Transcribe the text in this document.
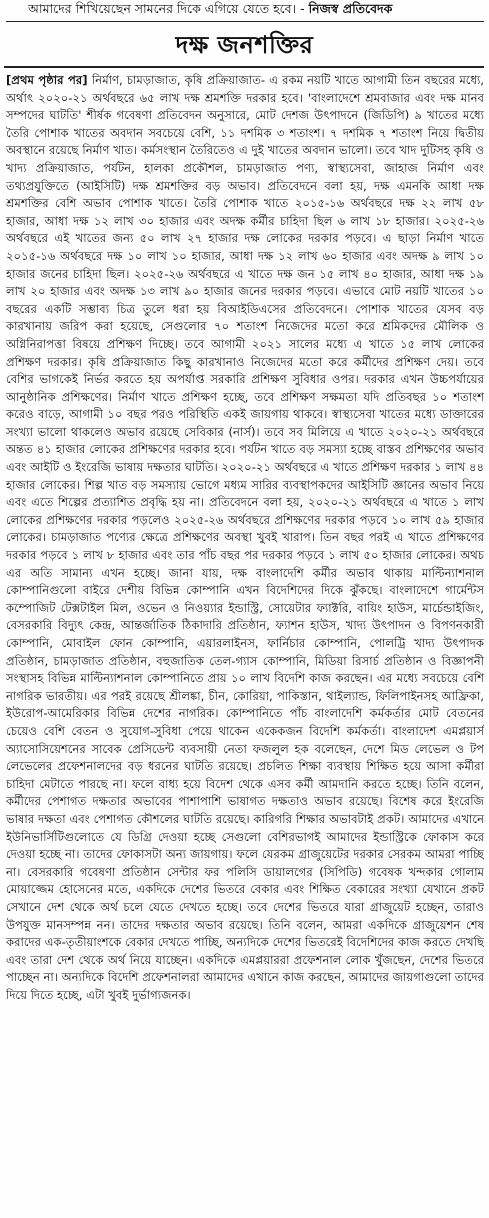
আমাদের শিখিয়েছেন সামনের দিকে এগিয়ে যেতে হবে। - নিজস্ব প্রতিবেদক
দক্ষ জনশক্তির

[প্রথম পৃষ্ঠার পর] নির্মাণ, চামড়াজাত, কৃষি প্রক্রিয়াজাত- এ রকম নয়টি খাতে আগামী তিন বছরের মধ্যে, অর্থাৎ ২০২০-২১ অর্থবছরে ৬৫ লাখ দক্ষ শ্রমশক্তি দরকার হবে। 'বাংলাদেশে শ্রমবাজার এবং দক্ষ মানব সম্পদের ঘাটতি' শীর্ষক গবেষণা প্রতিবেদন অনুসারে, মোট দেশজ উৎপাদনে (জিডিপি) ৯ খাতের মধ্যে তৈরি পোশাক খাতের অবদান সবচেয়ে বেশি, ১১ দশমিক ৩ শতাংশ। ৭ দশমিক ৭ শতাংশ নিয়ে দ্বিতীয় অবস্থানে রয়েছে নির্মাণ খাত। কর্মসংস্থান তৈরিতেও এ দুই খাতের অবদান ভালো। তবে খাদ দুটিসহ কৃষি ও খাদ্য প্রক্রিয়াজাত, পর্যটন, হালকা প্রকৌশল, চামড়াজাত পণ্য, স্বাস্থ্যসেবা, জাহাজ নির্মাণ এবং তথ্যপ্রযুক্তিতে (আইসিটি) দক্ষ শ্রমশক্তির বড় অভাব। প্রতিবেদনে বলা হয়, দক্ষ এমনকি আধা দক্ষ শ্রমশক্তির বেশি অভাব পোশাক খাতে। তৈরি পোশাক খাতে ২০১৫-১৬ অর্থবছরে দক্ষ ২২ লাখ ৫৮ হাজার, আধা দক্ষ ১২ লাখ ৩০ হাজার এবং অদক্ষ কর্মীর চাহিদা ছিল ৬ লাখ ১৮ হাজার। ২০২৫-২৬ অর্থবছরে এই খাতের জন্য ৫০ লাখ ২৭ হাজার দক্ষ লোকের দরকার পড়বে। এ ছাড়া নির্মাণ খাতে ২০১৫-১৬ অর্থবছরে দক্ষ ১০ লাখ ১০ হাজার, আধা দক্ষ ১২ লাখ ৬০ হাজার এবং অদক্ষ ৯ লাখ ১০ হাজার জনের চাহিদা ছিল। ২০২৫-২৬ অর্থবছরে এ খাতে দক্ষ জন ১৫ লাখ ৪০ হাজার, আধা দক্ষ ১৯ লাখ ২০ হাজার এবং অদক্ষ ১৩ লাখ ৯০ হাজার জনের দরকার পড়বে। এভাবে মোট নয়টি খাতের ১০ বছরের একটি সম্ভাব্য চিত্র তুলে ধরা হয় বিআইডিএসের প্রতিবেদনে। পোশাক খাতের যেসব বড় কারখানায় জরিপ করা হয়েছে, সেগুলোর ৭০ শতাংশ নিজেদের মতো করে শ্রমিকদের মৌলিক ও অগ্নিনিরাপত্তা বিষয়ে প্রশিক্ষণ দিচ্ছে। তবে আগামী ২০২১ সালের মধ্যে এ খাতে ১৫ লাখ লোকের প্রশিক্ষণ দরকার। কৃষি প্রক্রিয়াজাত কিছু কারখানাও নিজেদের মতো করে কর্মীদের প্রশিক্ষণ দেয়। তবে বেশির ভাগকেই নির্ভর করতে হয় অপর্যাপ্ত সরকারি প্রশিক্ষণ সুবিধার ওপর। দরকার এখন উচ্চপর্যায়ের আনুষ্ঠানিক প্রশিক্ষণের। নির্মাণ খাতে প্রশিক্ষণ হচ্ছে, তবে প্রশিক্ষণ সক্ষমতা যদি প্রতিবছর ১০ শতাংশ করেও বাড়ে, আগামী ১০ বছর পরও পরিস্থিতি একই জায়গায় থাকবে। স্বাস্থ্যসেবা খাতের মধ্যে ডাক্তারের সংখ্যা ভালো থাকলেও অভাব রয়েছে সেবিকার (নার্স)। তবে সব মিলিয়ে এ খাতে ২০২০-২১ অর্থবছরে অন্তত ৪১ হাজার লোকের প্রশিক্ষণের দরকার হবে। পর্যটন খাতে বড় সমস্যা হচ্ছে বাস্তব প্রশিক্ষণের অভাব এবং আইটি ও ইংরেজি ভাষায় দক্ষতার ঘাটতি। ২০২০-২১ অর্থবছরে এ খাতে প্রশিক্ষণ দরকার ১ লাখ ৪৪ হাজার লোকের। শিল্প খাত বড় সমস্যায় ভোগে মধ্যম সারির ব্যবস্থাপকদের আইসিটি জ্ঞানের অভাব নিয়ে এবং এতে শিল্পের প্রত্যাশিত প্রবৃদ্ধি হয় না। প্রতিবেদনে বলা হয়, ২০২০-২১ অর্থবছরে এ খাতে ১ লাখ লোকের প্রশিক্ষণের দরকার পড়লেও ২০২৫-২৬ অর্থবছরে প্রশিক্ষণের দরকার পড়বে ১০ লাখ ৫৯ হাজার লোকের। চামড়াজাত পণ্যের ক্ষেত্রে প্রশিক্ষণের অবস্থা খুবই খারাপ। তিন বছর পরই এ খাতে প্রশিক্ষণের দরকার পড়বে ১ লাখ ৮ হাজার এবং তার পাঁচ বছর পর দরকার পড়বে ১ লাখ ৫০ হাজার লোকের। অথচ এর অতি সামান্য এখন হচ্ছে। জানা যায়, দক্ষ বাংলাদেশি কর্মীর অভাব থাকায় মাল্টিন্যাশনাল কোম্পানিগুলো বাইরে দেশীয় বিভিন্ন কোম্পানি এখন বিদেশিদের দিকে ঝুঁকছে। বাংলাদেশে গার্মেন্টস কম্পোজিট টেক্সটাইল মিল, ওভেন ও নিওয়্যার ইন্ডাস্ট্রি, সোয়েটার ফ্যাক্টরি, বায়িং হাউস, মার্চেন্ডাইজিং, বেসরকারি বিদ্যুৎ কেন্দ্র, আন্তর্জাতিক ঠিকাদারি প্রতিষ্ঠান, ফ্যাশন হাউস, খাদ্য উৎপাদন ও বিপণনকারী কোম্পানি, মোবাইল ফোন কোম্পানি, এয়ারলাইনস, ফার্নিচার কোম্পানি, পোলট্রি খাদ্য উৎপাদক প্রতিষ্ঠান, চামড়াজাত প্রতিষ্ঠান, বহুজাতিক তেল-গ্যাস কোম্পানি, মিডিয়া রিসার্চ প্রতিষ্ঠান ও বিজ্ঞাপনী সংস্থাসহ বিভিন্ন মাল্টিন্যাশনাল কোম্পানিতে প্রায় ১০ লাখ বিদেশি কাজ করছেন। এর মধ্যে সবচেয়ে বেশি নাগরিক ভারতীয়। এর পরই রয়েছে শ্রীলঙ্কা, চীন, কোরিয়া, পাকিস্তান, থাইল্যান্ড, ফিলিপাইনসহ আফ্রিকা, ইউরোপ-আমেরিকার বিভিন্ন দেশের নাগরিক। কোম্পানিতে পাঁচ বাংলাদেশি কর্মকর্তার মোট বেতনের চেয়েও বেশি বেতন ও সুযোগ-সুবিধা পেয়ে থাকেন একেকজন বিদেশি কর্মকর্তা। বাংলাদেশ এমপ্লয়ার্স অ্যাসোসিয়েশনের সাবেক প্রেসিডেন্ট ব্যবসায়ী নেতা ফজলুল হক বলেছেন, দেশে মিড লেভেল ও টপ লেভেলের প্রফেশনালদের বড় ধরনের ঘাটতি রয়েছে। প্রচলিত শিক্ষা ব্যবস্থায় শিক্ষিত হয়ে আসা কর্মীরা চাহিদা মেটাতে পারছে না। ফলে বাধ্য হয়ে বিদেশ থেকে এসব কর্মী আমদানি করতে হচ্ছে। তিনি বলেন, কর্মীদের পেশাগত দক্ষতার অভাবের পাশাপাশি ভাষাগত দক্ষতাও অভাব রয়েছে। বিশেষ করে ইংরেজি ভাষার দক্ষতা এবং পেশাগত কৌশলের ঘাটতি রয়েছে। কারিগরি শিক্ষার অভাবটাই প্রকট। আমাদের এখানে ইউনিভার্সিটিগুলোতে যে ডিগ্রি দেওয়া হচ্ছে সেগুলো বেশিরভাগই আমাদের ইন্ডাস্ট্রিকে ফোকাস করে দেওয়া হচ্ছে না। তাদের ফোকাসটা অন্য জায়গায়। ফলে যেরকম গ্রাজুয়েটের দরকার সেরকম আমরা পাচ্ছি না। বেসরকারি গবেষণা প্রতিষ্ঠান সেন্টার ফর পলিসি ডায়ালগের (সিপিডি) গবেষক খন্দকার গোলাম মোয়াজ্জেম হোসেনের মতে, একদিকে দেশের ভিতরে বেকার এবং শিক্ষিত বেকারের সংখ্যা যেখানে প্রকট সেখানে দেশ থেকে অর্থ চলে যেতে দেখতে হচ্ছে। তবে দেশের ভিতরে যারা গ্রাজুয়েট হচ্ছেন, তারাও উপযুক্ত মানসম্পন্ন নন। তাদের দক্ষতার অভাব রয়েছে। তিনি বলেন, আমরা একদিকে গ্রাজুয়েশন শেষ করাদের এক-তৃতীয়াংশকে বেকার দেখতে পাচ্ছি, অন্যদিকে দেশের ভিতরেই বিদেশিদের কাজ করতে দেখছি এবং তারা দেশ থেকে অর্থ নিয়ে যাচ্ছেন। একদিকে এমপ্লয়াররা প্রফেশনাল লোক খুঁজছেন, দেশের ভিতরে পাচ্ছেন না। অন্যদিকে বিদেশি প্রফেশনালরা আমাদের এখানে কাজ করছেন, আমাদের জায়গাগুলো তাদের দিয়ে দিতে হচ্ছে, এটা খুবই দুর্ভাগ্যজনক।
